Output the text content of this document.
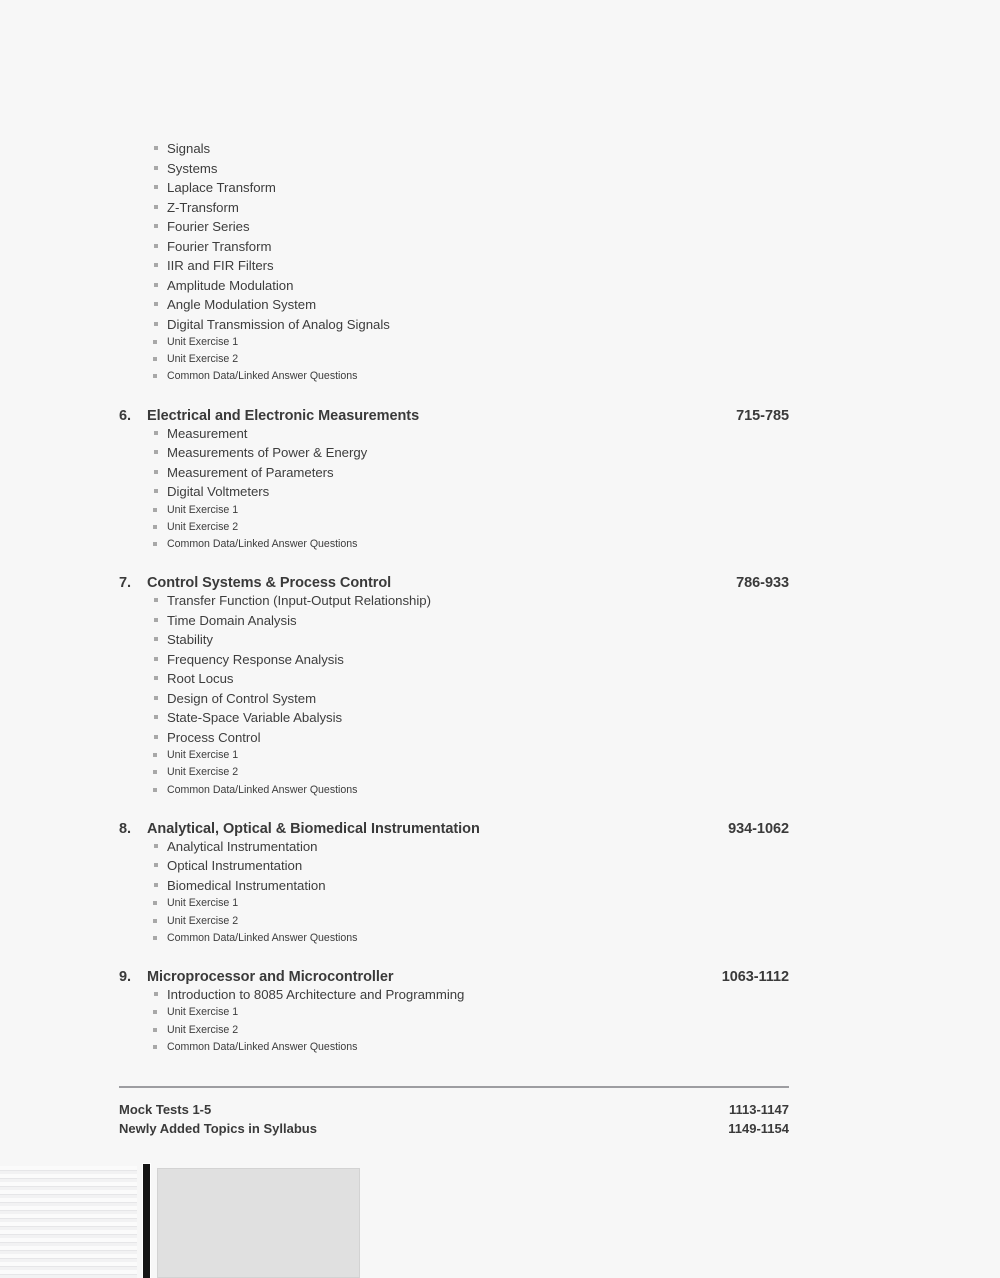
Signals
Systems
Laplace Transform
Z-Transform
Fourier Series
Fourier Transform
IIR and FIR Filters
Amplitude Modulation
Angle Modulation System
Digital Transmission of Analog Signals
Unit Exercise 1
Unit Exercise 2
Common Data/Linked Answer Questions
6.	Electrical and Electronic Measurements	715-785
Measurement
Measurements of Power & Energy
Measurement of Parameters
Digital Voltmeters
Unit Exercise 1
Unit Exercise 2
Common Data/Linked Answer Questions
7.	Control Systems & Process Control	786-933
Transfer Function (Input-Output Relationship)
Time Domain Analysis
Stability
Frequency Response Analysis
Root Locus
Design of Control System
State-Space Variable Abalysis
Process Control
Unit Exercise 1
Unit Exercise 2
Common Data/Linked Answer Questions
8.	Analytical, Optical & Biomedical Instrumentation	934-1062
Analytical Instrumentation
Optical Instrumentation
Biomedical Instrumentation
Unit Exercise 1
Unit Exercise 2
Common Data/Linked Answer Questions
9.	Microprocessor and Microcontroller	1063-1112
Introduction to 8085 Architecture and Programming
Unit Exercise 1
Unit Exercise 2
Common Data/Linked Answer Questions
Mock Tests 1-5	1113-1147
Newly Added Topics in Syllabus	1149-1154
